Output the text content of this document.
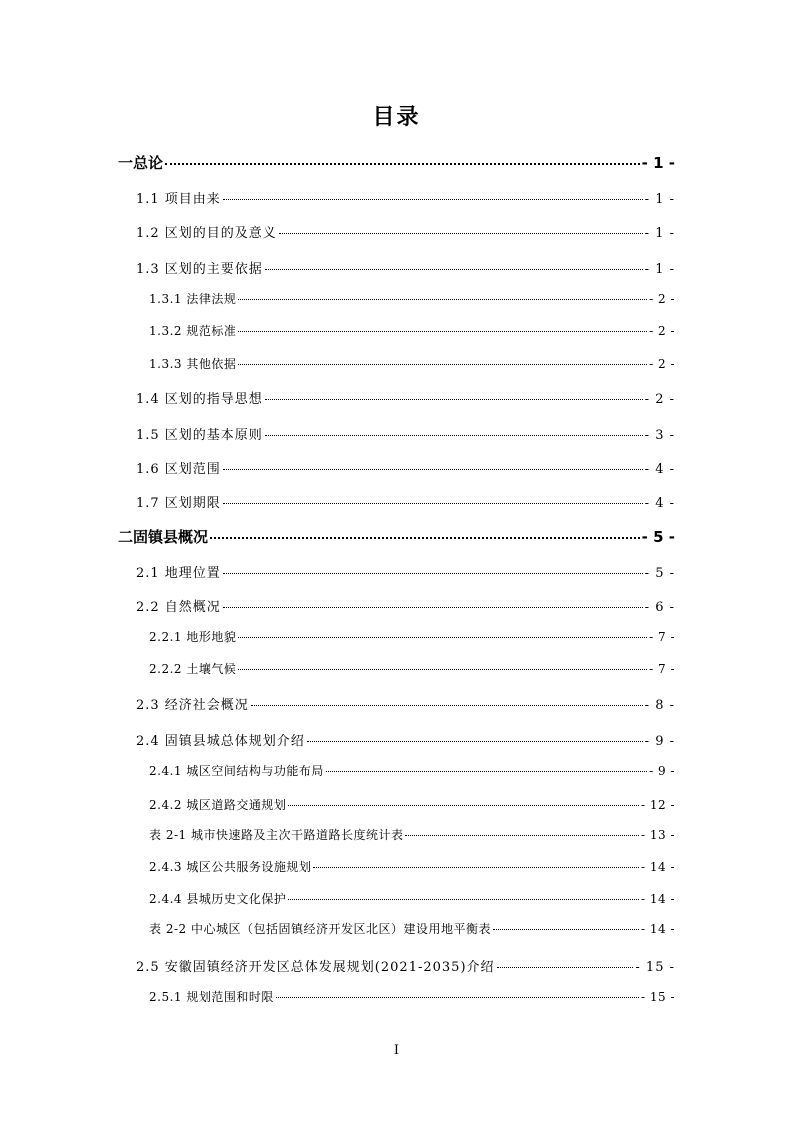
目录
一总论	- 1 -
1.1 项目由来	- 1 -
1.2 区划的目的及意义	- 1 -
1.3 区划的主要依据	- 1 -
1.3.1 法律法规	- 2 -
1.3.2 规范标准	- 2 -
1.3.3 其他依据	- 2 -
1.4 区划的指导思想	- 2 -
1.5 区划的基本原则	- 3 -
1.6 区划范围	- 4 -
1.7 区划期限	- 4 -
二固镇县概况	- 5 -
2.1 地理位置	- 5 -
2.2 自然概况	- 6 -
2.2.1 地形地貌	- 7 -
2.2.2 土壤气候	- 7 -
2.3 经济社会概况	- 8 -
2.4 固镇县城总体规划介绍	- 9 -
2.4.1 城区空间结构与功能布局	- 9 -
2.4.2 城区道路交通规划	- 12 -
表 2-1 城市快速路及主次干路道路长度统计表	- 13 -
2.4.3 城区公共服务设施规划	- 14 -
2.4.4 县城历史文化保护	- 14 -
表 2-2 中心城区（包括固镇经济开发区北区）建设用地平衡表	- 14 -
2.5 安徽固镇经济开发区总体发展规划(2021-2035)介绍	- 15 -
2.5.1 规划范围和时限	- 15 -
I
